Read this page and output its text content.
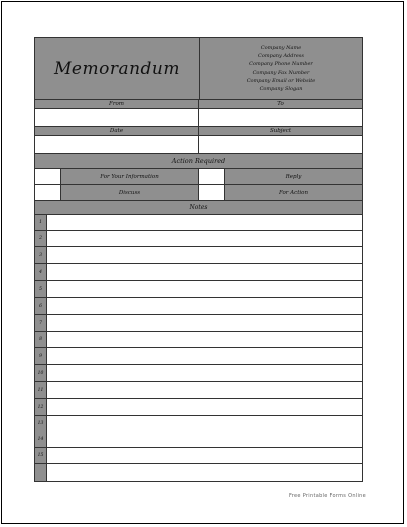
Memorandum
Company Name
Company Address
Company Phone Number
Company Fax Number
Company Email or Website
Company Slogan
From	To
Date	Subject
Action Required
For Your Information	Reply
Discuss	For Action
Notes
1
2
3
4
5
6
7
8
9
10
11
12
13
14
15
Free Printable Forms Online
